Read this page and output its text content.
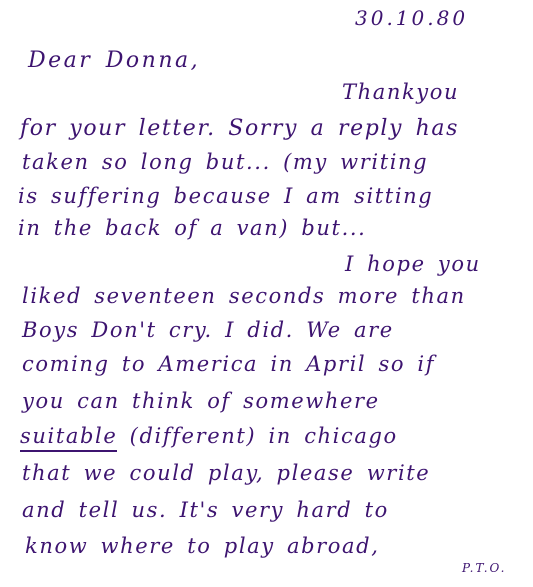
30.10.80
Dear Donna,
Thankyou
for your letter. Sorry a reply has
taken so long but... (my writing
is suffering because I am sitting
in the back of a van) but...
I hope you
liked seventeen seconds more than
Boys Don't cry. I did. We are
coming to America in April so if
you can think of somewhere
suitable (different) in chicago
that we could play, please write
and tell us. It's very hard to
know where to play abroad,
P.T.O.
